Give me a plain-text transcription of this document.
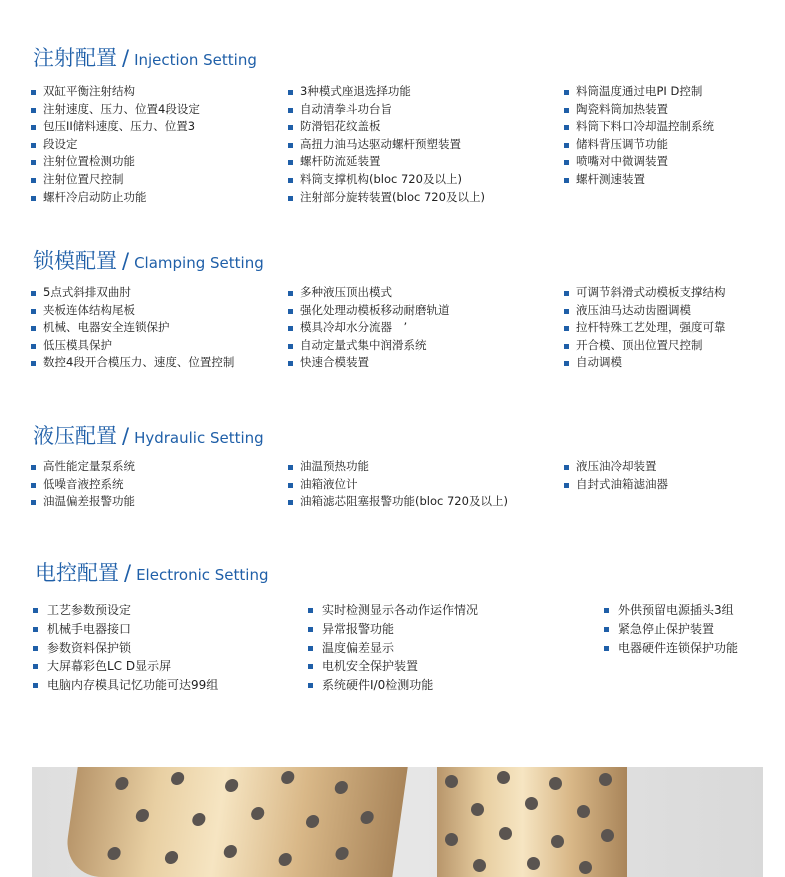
注射配置 / Injection Setting
双缸平衡注射结构
注射速度、压力、位置4段设定
包压II储料速度、压力、位置3
段设定
注射位置检测功能
注射位置尺控制
螺杆冷启动防止功能
3种模式座退选择功能
自动清拳斗功台旨
防滑铝花纹盖板
高扭力油马达驱动螺杆预塑装置
螺杆防流延装置
料筒支撑机构(bloc 720及以上)
注射部分旋转装置(bloc 720及以上)
料筒温度通过电PI D控制
陶瓷料筒加热装置
料筒下料口冷却温控制系统
储料背压调节功能
喷嘴对中微调装置
螺杆测速装置
锁模配置 / Clamping Setting
5点式斜排双曲肘
夹板连体结构尾板
机械、电器安全连锁保护
低压模具保护
数控4段开合模压力、速度、位置控制
多种液压顶出模式
强化处理动模板移动耐磨轨道
模具冷却水分流器　’
自动定量式集中润滑系统
快速合模装置
可调节斜滑式动模板支撑结构
液压油马达动齿圈调模
拉杆特殊工艺处理，强度可靠
开合模、顶出位置尺控制
自动调模
液压配置 / Hydraulic Setting
高性能定量泵系统
低噪音液控系统
油温偏差报警功能
油温预热功能
油箱液位计
油箱滤芯阻塞报警功能(bloc 720及以上)
液压油冷却装置
自封式油箱滤油器
电控配置 / Electronic Setting
工艺参数预设定
机械手电器接口
参数资料保护锁
大屏幕彩色LC D显示屏
电脑内存模具记忆功能可达99组
实时检测显示各动作运作情况
异常报警功能
温度偏差显示
电机安全保护装置
系统硬件I/0检测功能
外供预留电源插头3组
紧急停止保护装置
电器硬件连锁保护功能
